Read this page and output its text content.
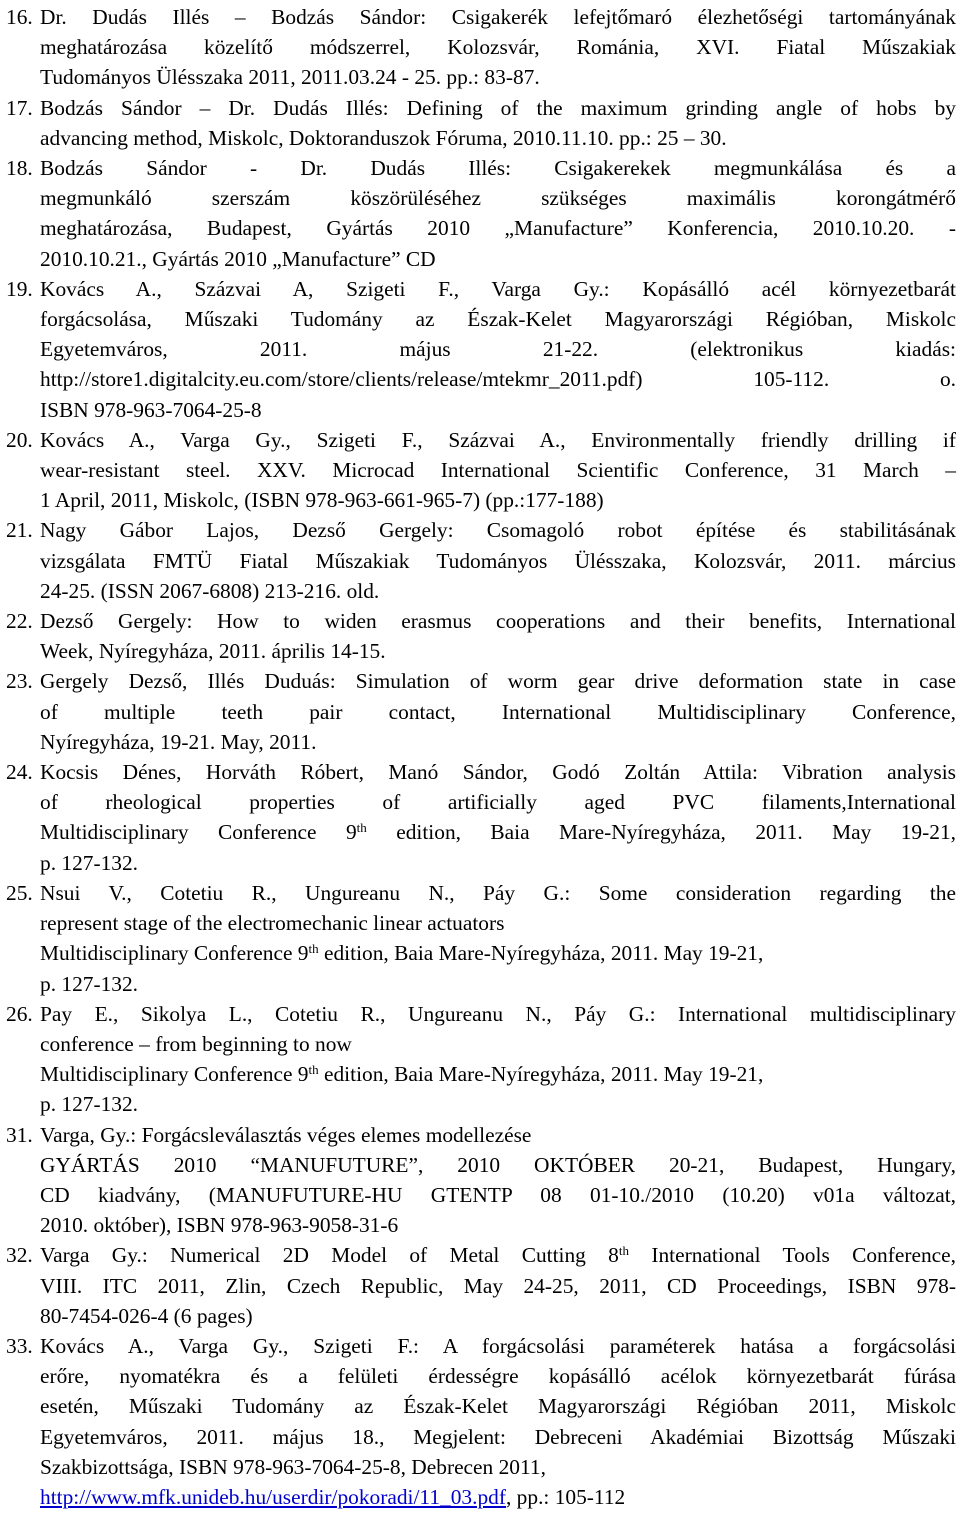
16. Dr. Dudás Illés – Bodzás Sándor: Csigakerék lefejtőmaró élezhetőségi tartományának
meghatározása közelítő módszerrel, Kolozsvár, Románia, XVI. Fiatal Műszakiak
Tudományos Ülésszaka 2011, 2011.03.24 - 25. pp.: 83-87.
17. Bodzás Sándor – Dr. Dudás Illés: Defining of the maximum grinding angle of hobs by
advancing method, Miskolc, Doktoranduszok Fóruma, 2010.11.10. pp.: 25 – 30.
18. Bodzás Sándor - Dr. Dudás Illés: Csigakerekek megmunkálása és a
megmunkáló szerszám köszörüléséhez szükséges maximális korongátmérő
meghatározása, Budapest, Gyártás 2010 „Manufacture” Konferencia, 2010.10.20. -
2010.10.21., Gyártás 2010 „Manufacture” CD
19. Kovács A., Százvai A, Szigeti F., Varga Gy.: Kopásálló acél környezetbarát
forgácsolása, Műszaki Tudomány az Észak-Kelet Magyarországi Régióban, Miskolc
Egyetemváros, 2011. május 21-22. (elektronikus kiadás:
http://store1.digitalcity.eu.com/store/clients/release/mtekmr_2011.pdf) 105-112. o.
ISBN 978-963-7064-25-8
20. Kovács A., Varga Gy., Szigeti F., Százvai A., Environmentally friendly drilling if
wear-resistant steel. XXV. Microcad International Scientific Conference, 31 March –
1 April, 2011, Miskolc, (ISBN 978-963-661-965-7) (pp.:177-188)
21. Nagy Gábor Lajos, Dezső Gergely: Csomagoló robot építése és stabilitásának
vizsgálata FMTÜ Fiatal Műszakiak Tudományos Ülésszaka, Kolozsvár, 2011. március
24-25. (ISSN 2067-6808) 213-216. old.
22. Dezső Gergely: How to widen erasmus cooperations and their benefits, International
Week, Nyíregyháza, 2011. április 14-15.
23. Gergely Dezső, Illés Duduás: Simulation of worm gear drive deformation state in case
of multiple teeth pair contact, International Multidisciplinary Conference,
Nyíregyháza, 19-21. May, 2011.
24. Kocsis Dénes, Horváth Róbert, Manó Sándor, Godó Zoltán Attila: Vibration analysis
of rheological properties of artificially aged PVC filaments,International
Multidisciplinary Conference 9th edition, Baia Mare-Nyíregyháza, 2011. May 19-21,
p. 127-132.
25. Nsui V., Cotetiu R., Ungureanu N., Páy G.: Some consideration regarding the
represent stage of the electromechanic linear actuators
Multidisciplinary Conference 9th edition, Baia Mare-Nyíregyháza, 2011. May 19-21,
p. 127-132.
26. Pay E., Sikolya L., Cotetiu R., Ungureanu N., Páy G.: International multidisciplinary
conference – from beginning to now
Multidisciplinary Conference 9th edition, Baia Mare-Nyíregyháza, 2011. May 19-21,
p. 127-132.
31. Varga, Gy.: Forgácsleválasztás véges elemes modellezése
GYÁRTÁS 2010 “MANUFUTURE”, 2010 OKTÓBER 20-21, Budapest, Hungary,
CD kiadvány, (MANUFUTURE-HU GTENTP 08 01-10./2010 (10.20) v01a változat,
2010. október), ISBN 978-963-9058-31-6
32. Varga Gy.: Numerical 2D Model of Metal Cutting 8th International Tools Conference,
VIII. ITC 2011, Zlin, Czech Republic, May 24-25, 2011, CD Proceedings, ISBN 978-
80-7454-026-4 (6 pages)
33. Kovács A., Varga Gy., Szigeti F.: A forgácsolási paraméterek hatása a forgácsolási
erőre, nyomatékra és a felületi érdességre kopásálló acélok környezetbarát fúrása
esetén, Műszaki Tudomány az Észak-Kelet Magyarországi Régióban 2011, Miskolc
Egyetemváros, 2011. május 18., Megjelent: Debreceni Akadémiai Bizottság Műszaki
Szakbizottsága, ISBN 978-963-7064-25-8, Debrecen 2011,
http://www.mfk.unideb.hu/userdir/pokoradi/11_03.pdf, pp.: 105-112
